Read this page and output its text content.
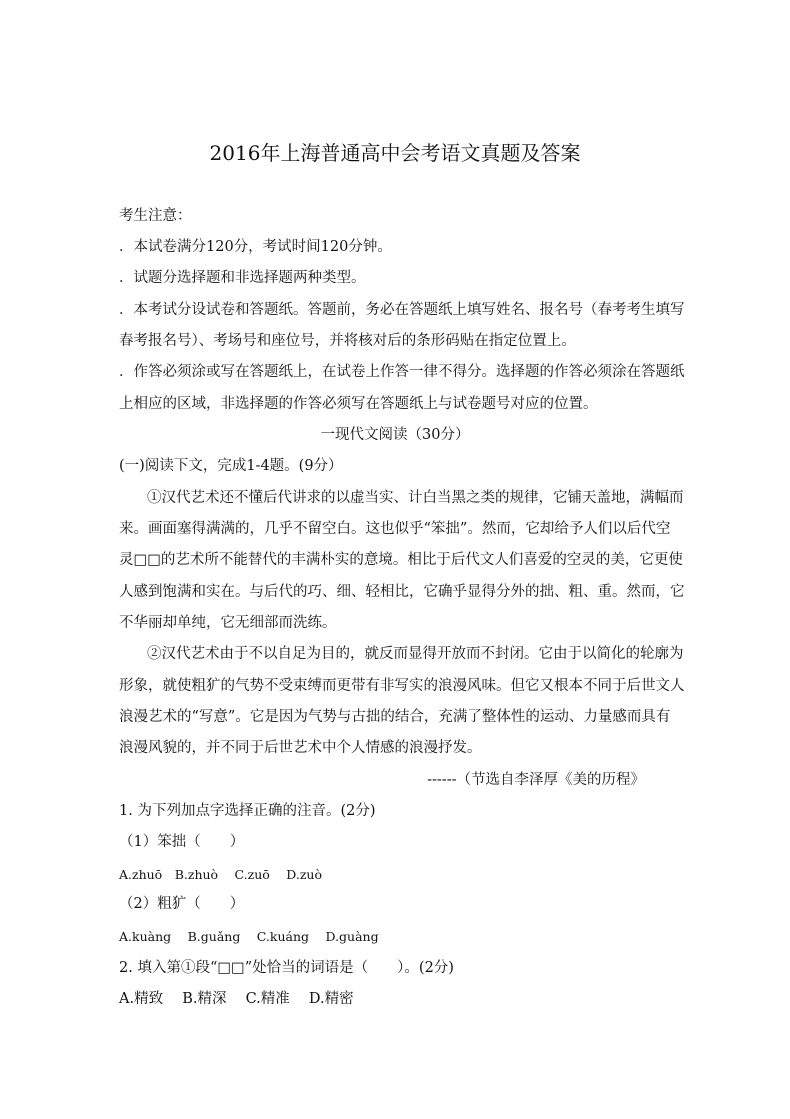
2016年上海普通高中会考语文真题及答案
考生注意：
．本试卷满分120分，考试时间120分钟。
．试题分选择题和非选择题两种类型。
．本考试分设试卷和答题纸。答题前，务必在答题纸上填写姓名、报名号（春考考生填写
春考报名号）、考场号和座位号，并将核对后的条形码贴在指定位置上。
．作答必须涂或写在答题纸上，在试卷上作答一律不得分。选择题的作答必须涂在答题纸
上相应的区域，非选择题的作答必须写在答题纸上与试卷题号对应的位置。
一现代文阅读（30分）
(一)阅读下文，完成1-4题。(9分）
①汉代艺术还不懂后代讲求的以虚当实、计白当黑之类的规律，它铺天盖地，满幅而
来。画面塞得满满的，几乎不留空白。这也似乎“笨拙”。然而，它却给予人们以后代空
灵□□的艺术所不能替代的丰满朴实的意境。相比于后代文人们喜爱的空灵的美，它更使
人感到饱满和实在。与后代的巧、细、轻相比，它确乎显得分外的拙、粗、重。然而，它
不华丽却单纯，它无细部而洗练。
②汉代艺术由于不以自足为目的，就反而显得开放而不封闭。它由于以简化的轮廓为
形象，就使粗犷的气势不受束缚而更带有非写实的浪漫风味。但它又根本不同于后世文人
浪漫艺术的“写意”。它是因为气势与古拙的结合，充满了整体性的运动、力量感而具有
浪漫风貌的，并不同于后世艺术中个人情感的浪漫抒发。
------（节选自李泽厚《美的历程》
1. 为下列加点字选择正确的注音。(2分)
（1）笨拙（　　）
A.zhuō　B.zhuò　 C.zuō　 D.zuò
（2）粗犷（　　）
A.kuàng　 B.guǎng　 C.kuáng　 D.guàng
2. 填入第①段“□□”处恰当的词语是（　　）。(2分)
A.精致　 B.精深　 C.精准　 D.精密
